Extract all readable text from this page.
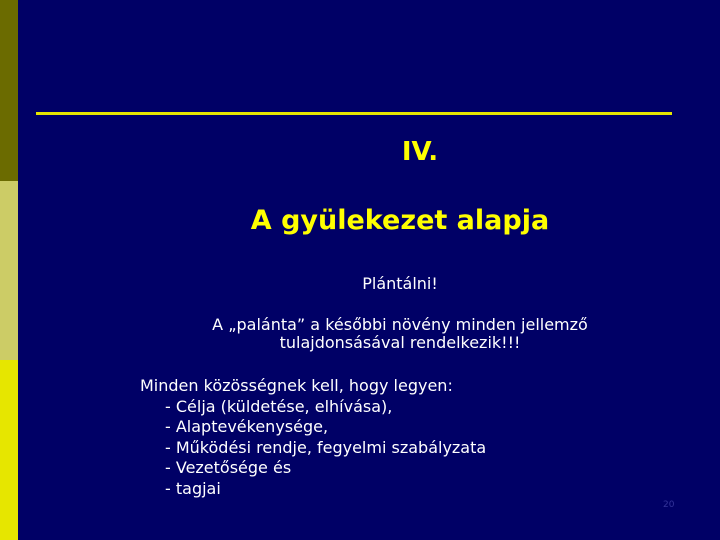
IV.
A gyülekezet alapja
Plántálni!
A „palánta” a későbbi növény minden jellemző
tulajdonsásával rendelkezik!!!
Minden közösségnek kell, hogy legyen:
- Célja (küldetése, elhívása),
- Alaptevékenysége,
- Működési rendje, fegyelmi szabályzata
- Vezetősége és
- tagjai
20
